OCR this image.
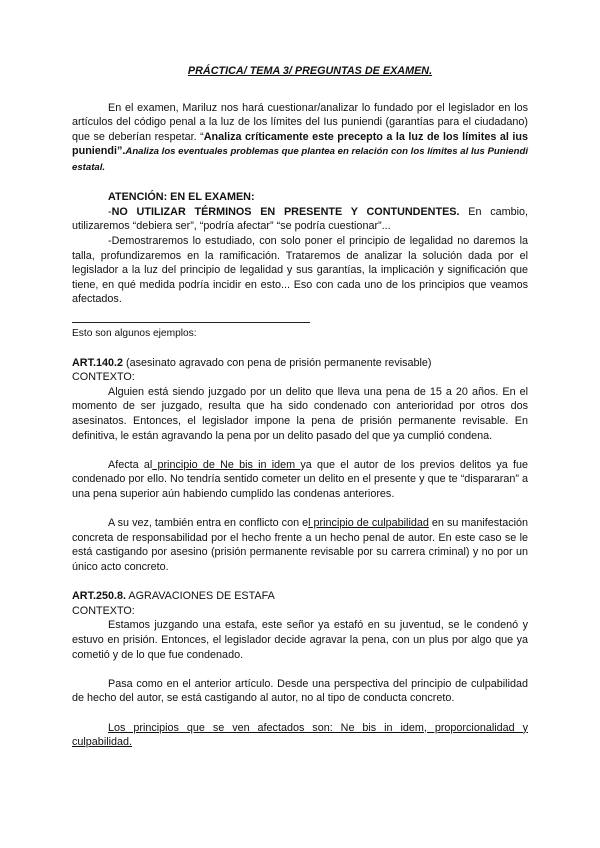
PRÁCTICA/ TEMA 3/ PREGUNTAS DE EXAMEN.

En el examen, Mariluz nos hará cuestionar/analizar lo fundado por el legislador en los artículos del código penal a la luz de los límites del Ius puniendi (garantías para el ciudadano) que se deberían respetar. “Analiza críticamente este precepto a la luz de los límites al ius puniendi”.Analiza los eventuales problemas que plantea en relación con los límites al Ius Puniendi estatal.

ATENCIÓN: EN EL EXAMEN:

-NO UTILIZAR TÉRMINOS EN PRESENTE Y CONTUNDENTES. En cambio, utilizaremos “debiera ser”, “podría afectar” “se podría cuestionar”...

-Demostraremos lo estudiado, con solo poner el principio de legalidad no daremos la talla, profundizaremos en la ramificación. Trataremos de analizar la solución dada por el legislador a la luz del principio de legalidad y sus garantías, la implicación y significación que tiene, en qué medida podría incidir en esto... Eso con cada uno de los principios que veamos afectados.

Esto son algunos ejemplos:

ART.140.2 (asesinato agravado con pena de prisión permanente revisable)

CONTEXTO:

Alguien está siendo juzgado por un delito que lleva una pena de 15 a 20 años. En el momento de ser juzgado, resulta que ha sido condenado con anterioridad por otros dos asesinatos. Entonces, el legislador impone la pena de prisión permanente revisable. En definitiva, le están agravando la pena por un delito pasado del que ya cumplió condena.

Afecta al principio de Ne bis in idem ya que el autor de los previos delitos ya fue condenado por ello. No tendría sentido cometer un delito en el presente y que te “dispararan” a una pena superior aún habiendo cumplido las condenas anteriores.

A su vez, también entra en conflicto con el principio de culpabilidad en su manifestación concreta de responsabilidad por el hecho frente a un hecho penal de autor. En este caso se le está castigando por asesino (prisión permanente revisable por su carrera criminal) y no por un único acto concreto.

ART.250.8. AGRAVACIONES DE ESTAFA

CONTEXTO:

Estamos juzgando una estafa, este señor ya estafó en su juventud, se le condenó y estuvo en prisión. Entonces, el legislador decide agravar la pena, con un plus por algo que ya cometió y de lo que fue condenado.

Pasa como en el anterior artículo. Desde una perspectiva del principio de culpabilidad de hecho del autor, se está castigando al autor, no al tipo de conducta concreto.

Los principios que se ven afectados son: Ne bis in idem, proporcionalidad y culpabilidad.
